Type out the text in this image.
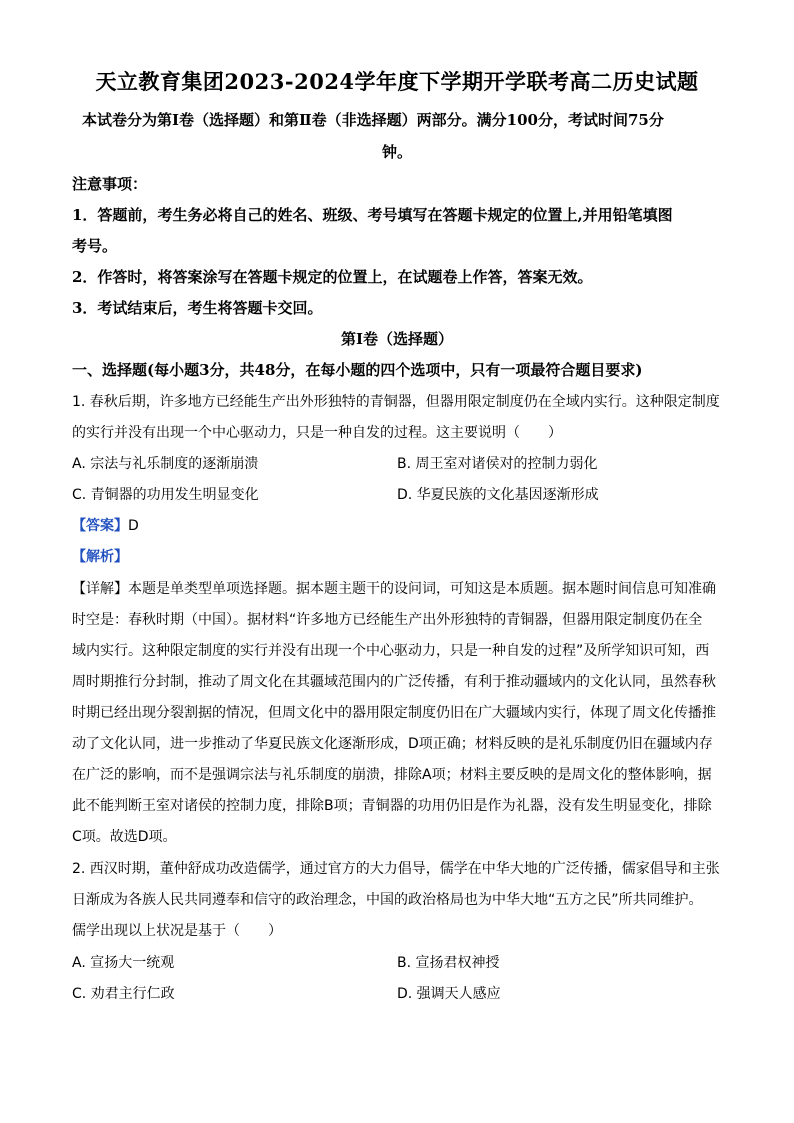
天立教育集团2023-2024学年度下学期开学联考高二历史试题
本试卷分为第Ⅰ卷（选择题）和第Ⅱ卷（非选择题）两部分。满分100分，考试时间75分
钟。
注意事项：
1．答题前，考生务必将自己的姓名、班级、考号填写在答题卡规定的位置上,并用铅笔填图
考号。
2．作答时，将答案涂写在答题卡规定的位置上，在试题卷上作答，答案无效。
3．考试结束后，考生将答题卡交回。
第Ⅰ卷（选择题）
一、选择题(每小题3分，共48分，在每小题的四个选项中，只有一项最符合题目要求)
1. 春秋后期，许多地方已经能生产出外形独特的青铜器，但器用限定制度仍在全域内实行。这种限定制度
的实行并没有出现一个中心驱动力，只是一种自发的过程。这主要说明（　　）
A. 宗法与礼乐制度的逐渐崩溃	B. 周王室对诸侯对的控制力弱化
C. 青铜器的功用发生明显变化	D. 华夏民族的文化基因逐渐形成
【答案】D
【解析】
【详解】本题是单类型单项选择题。据本题主题干的设问词，可知这是本质题。据本题时间信息可知准确
时空是：春秋时期（中国）。据材料“许多地方已经能生产出外形独特的青铜器，但器用限定制度仍在全
域内实行。这种限定制度的实行并没有出现一个中心驱动力，只是一种自发的过程”及所学知识可知，西
周时期推行分封制，推动了周文化在其疆域范围内的广泛传播，有利于推动疆域内的文化认同，虽然春秋
时期已经出现分裂割据的情况，但周文化中的器用限定制度仍旧在广大疆域内实行，体现了周文化传播推
动了文化认同，进一步推动了华夏民族文化逐渐形成，D项正确；材料反映的是礼乐制度仍旧在疆域内存
在广泛的影响，而不是强调宗法与礼乐制度的崩溃，排除A项；材料主要反映的是周文化的整体影响，据
此不能判断王室对诸侯的控制力度，排除B项；青铜器的功用仍旧是作为礼器，没有发生明显变化，排除
C项。故选D项。
2. 西汉时期，董仲舒成功改造儒学，通过官方的大力倡导，儒学在中华大地的广泛传播，儒家倡导和主张
日渐成为各族人民共同遵奉和信守的政治理念，中国的政治格局也为中华大地“五方之民”所共同维护。
儒学出现以上状况是基于（　　）
A. 宣扬大一统观	B. 宣扬君权神授
C. 劝君主行仁政	D. 强调天人感应
